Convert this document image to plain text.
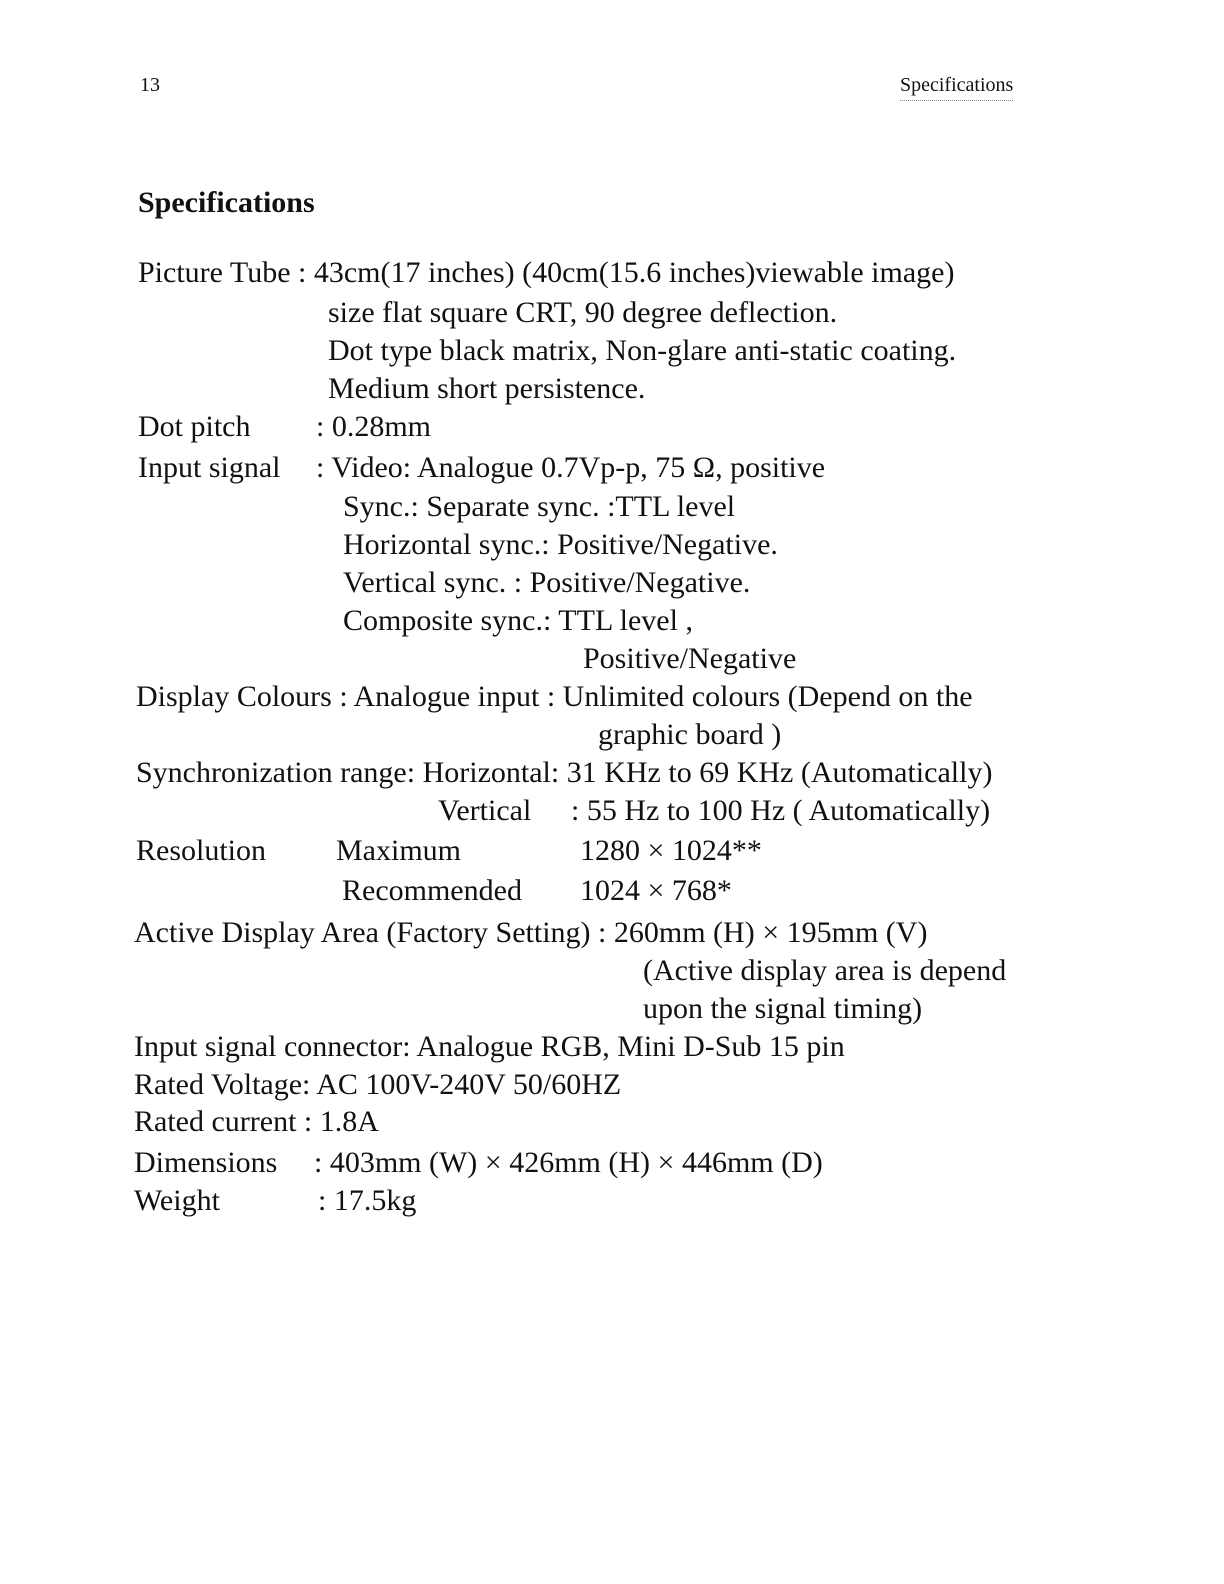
13	Specifications
Specifications
Picture Tube : 43cm(17 inches) (40cm(15.6 inches)viewable image)
size flat square CRT, 90 degree deflection.
Dot type black matrix, Non-glare anti-static coating.
Medium short persistence.
Dot pitch : 0.28mm
Input signal : Video: Analogue 0.7Vp-p, 75 Ω, positive
Sync.: Separate sync. :TTL level
Horizontal sync.: Positive/Negative.
Vertical sync. : Positive/Negative.
Composite sync.: TTL level ,
Positive/Negative
Display Colours : Analogue input : Unlimited colours (Depend on the
graphic board )
Synchronization range: Horizontal: 31 KHz to 69 KHz (Automatically)
Vertical : 55 Hz to 100 Hz ( Automatically)
Resolution Maximum	1280 × 1024**
Recommended 1024 × 768*
Active Display Area (Factory Setting) : 260mm (H) × 195mm (V)
(Active display area is depend
upon the signal timing)
Input signal connector: Analogue RGB, Mini D-Sub 15 pin
Rated Voltage: AC 100V-240V 50/60HZ
Rated current : 1.8A
Dimensions : 403mm (W) × 426mm (H) × 446mm (D)
Weight	: 17.5kg
